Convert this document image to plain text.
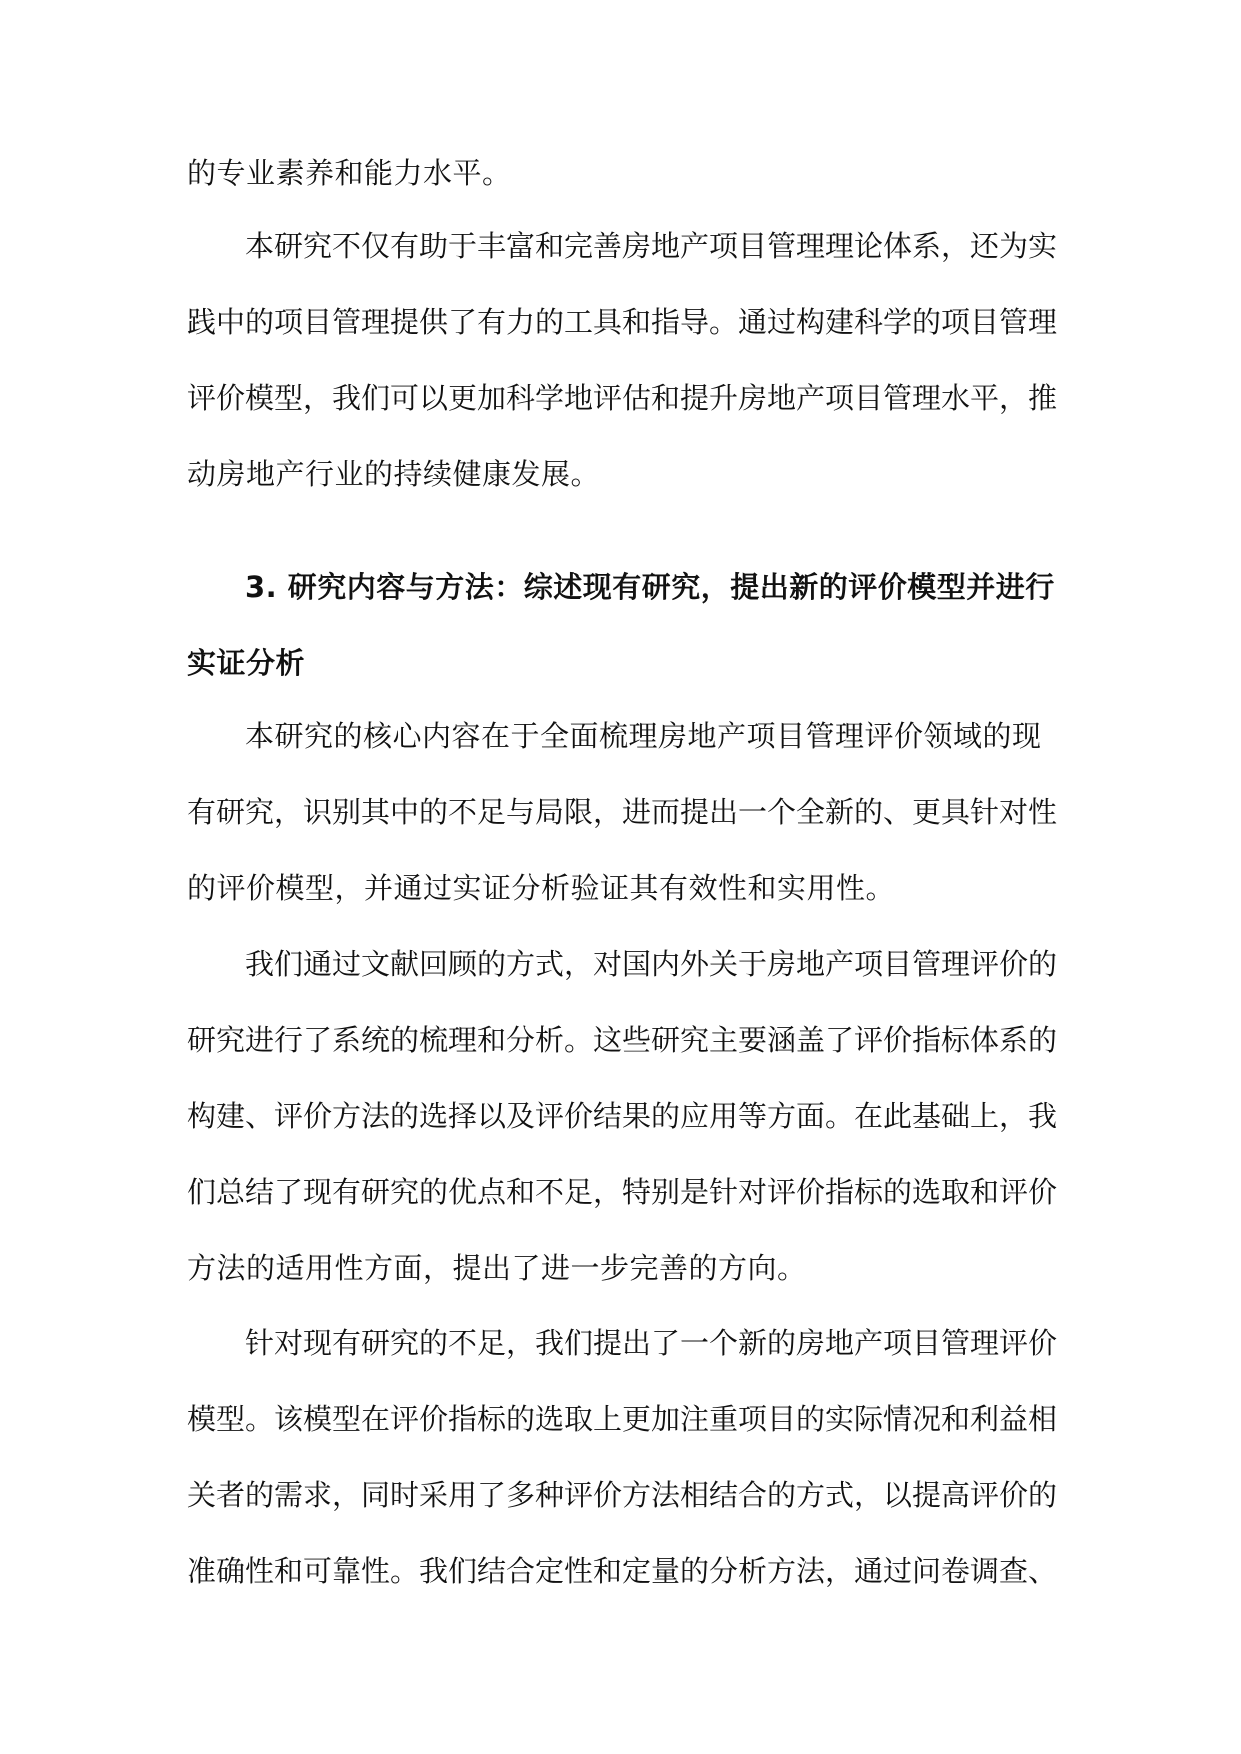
的专业素养和能力水平。
本研究不仅有助于丰富和完善房地产项目管理理论体系，还为实
践中的项目管理提供了有力的工具和指导。通过构建科学的项目管理
评价模型，我们可以更加科学地评估和提升房地产项目管理水平，推
动房地产行业的持续健康发展。
3. 研究内容与方法：综述现有研究，提出新的评价模型并进行
实证分析
本研究的核心内容在于全面梳理房地产项目管理评价领域的现
有研究，识别其中的不足与局限，进而提出一个全新的、更具针对性
的评价模型，并通过实证分析验证其有效性和实用性。
我们通过文献回顾的方式，对国内外关于房地产项目管理评价的
研究进行了系统的梳理和分析。这些研究主要涵盖了评价指标体系的
构建、评价方法的选择以及评价结果的应用等方面。在此基础上，我
们总结了现有研究的优点和不足，特别是针对评价指标的选取和评价
方法的适用性方面，提出了进一步完善的方向。
针对现有研究的不足，我们提出了一个新的房地产项目管理评价
模型。该模型在评价指标的选取上更加注重项目的实际情况和利益相
关者的需求，同时采用了多种评价方法相结合的方式，以提高评价的
准确性和可靠性。我们结合定性和定量的分析方法，通过问卷调查、
